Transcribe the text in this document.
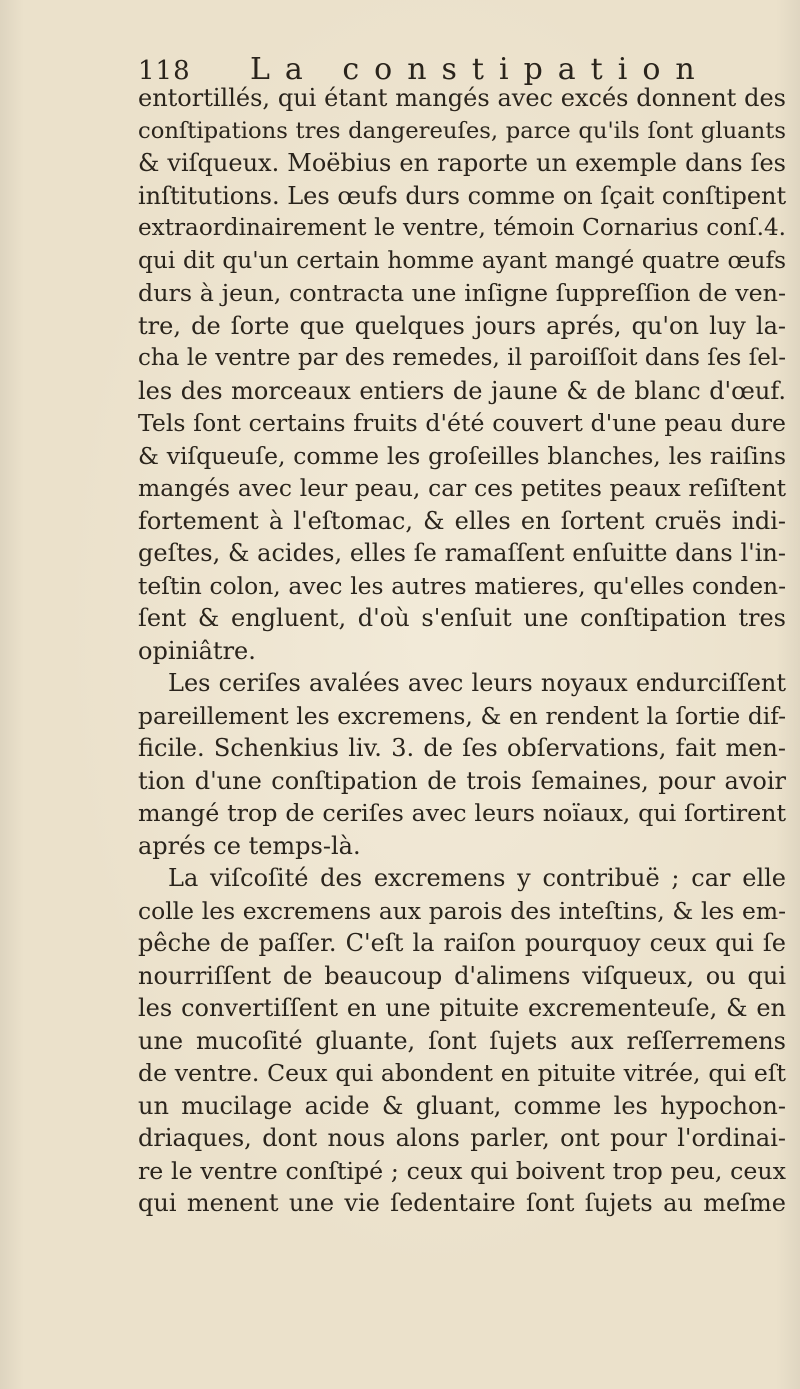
118 La constipation
entortillés, qui étant mangés avec excés donnent des
conſtipations tres dangereuſes, parce qu'ils ſont gluants
& viſqueux. Moëbius en raporte un exemple dans ſes
inſtitutions. Les œufs durs comme on ſçait conſtipent
extraordinairement le ventre, témoin Cornarius conſ.4.
qui dit qu'un certain homme ayant mangé quatre œufs
durs à jeun, contracta une inſigne ſuppreſſion de ven-
tre, de ſorte que quelques jours aprés, qu'on luy la-
cha le ventre par des remedes, il paroiſſoit dans ſes ſel-
les des morceaux entiers de jaune & de blanc d'œuf.
Tels ſont certains fruits d'été couvert d'une peau dure
& viſqueuſe, comme les groſeilles blanches, les raiſins
mangés avec leur peau, car ces petites peaux reſiſtent
fortement à l'eſtomac, & elles en ſortent cruës indi-
geſtes, & acides, elles ſe ramaſſent enſuitte dans l'in-
teſtin colon, avec les autres matieres, qu'elles conden-
ſent & engluent, d'où s'enſuit une conſtipation tres
opiniâtre.
Les ceriſes avalées avec leurs noyaux endurciſſent
pareillement les excremens, & en rendent la ſortie dif-
ficile. Schenkius liv. 3. de ſes obſervations, fait men-
tion d'une conſtipation de trois ſemaines, pour avoir
mangé trop de ceriſes avec leurs noïaux, qui ſortirent
aprés ce temps-là.
La viſcoſité des excremens y contribuë ; car elle
colle les excremens aux parois des inteſtins, & les em-
pêche de paſſer. C'eſt la raiſon pourquoy ceux qui ſe
nourriſſent de beaucoup d'alimens viſqueux, ou qui
les convertiſſent en une pituite excrementeuſe, & en
une mucoſité gluante, ſont ſujets aux reſſerremens
de ventre. Ceux qui abondent en pituite vitrée, qui eſt
un mucilage acide & gluant, comme les hypochon-
driaques, dont nous alons parler, ont pour l'ordinai-
re le ventre conſtipé ; ceux qui boivent trop peu, ceux
qui menent une vie ſedentaire ſont ſujets au meſme
